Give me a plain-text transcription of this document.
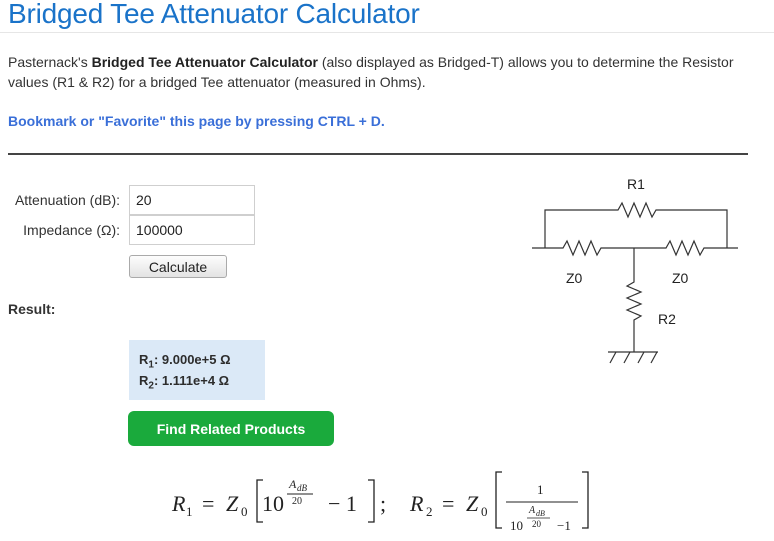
Bridged Tee Attenuator Calculator

Pasternack's Bridged Tee Attenuator Calculator (also displayed as Bridged-T) allows you to determine the Resistor values (R1 & R2) for a bridged Tee attenuator (measured in Ohms).

Bookmark or "Favorite" this page by pressing CTRL + D.
Attenuation (dB):
20
Impedance (Ω):
100000
Calculate
Result:
$R_1$: 9.000e+5 Ω
$R_2$: 1.111e+4 Ω
Find Related Products
R1
Z0	Z0
R2
R 1 = Z 0 10
A dB
20 − 1 ; R 2 = Z 0
1
10
A dB
20 −1
